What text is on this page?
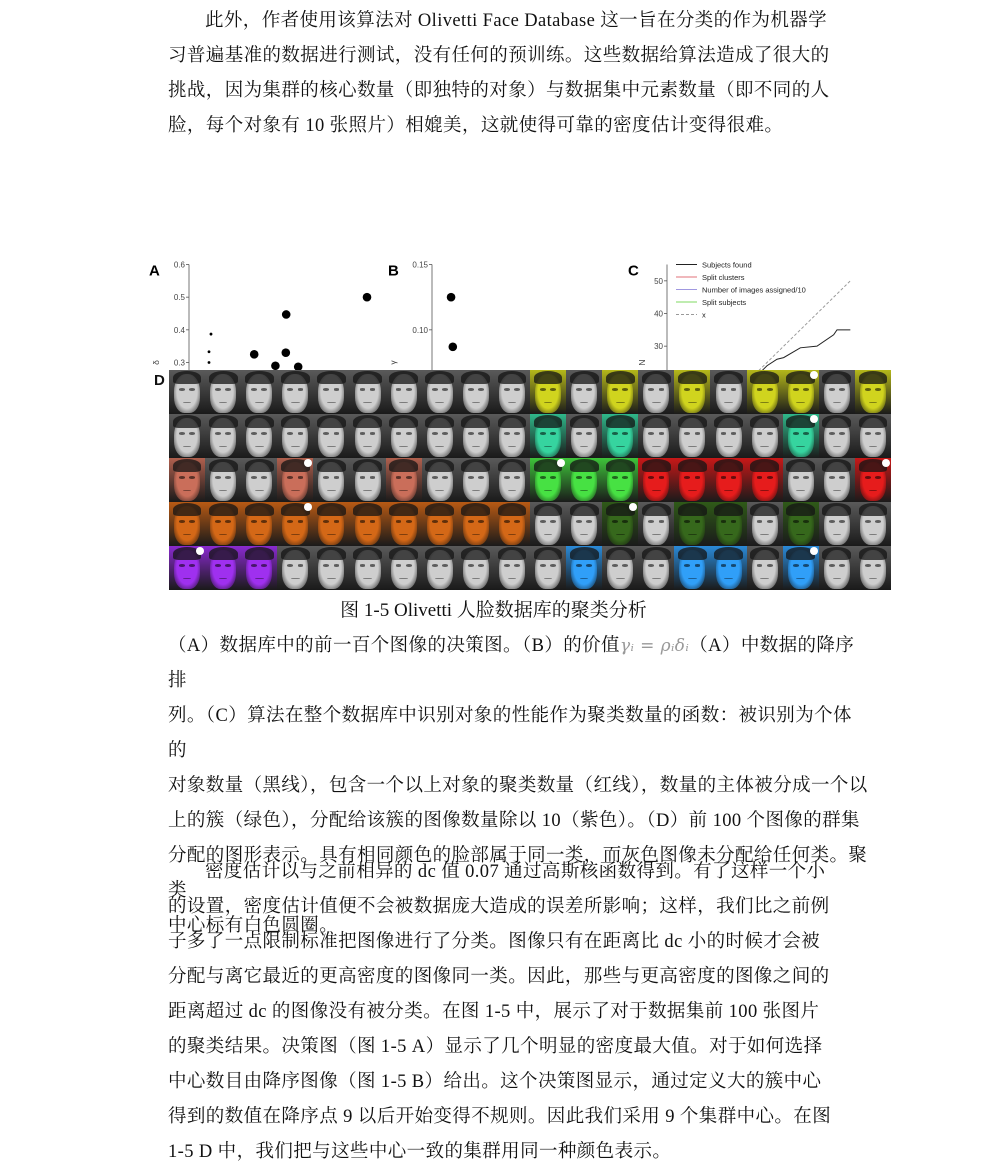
此外，作者使用该算法对 Olivetti Face Database 这一旨在分类的作为机器学

习普遍基准的数据进行测试，没有任何的预训练。这些数据给算法造成了很大的

挑战，因为集群的核心数量（即独特的对象）与数据集中元素数量（即不同的人

脸，每个对象有 10 张照片）相媲美，这就使得可靠的密度估计变得很难。

A
0.3
0.4
0.5
0.6
δ
B
0.10
0.15
γ
C
30
40
50
N
Subjects found
Split clusters
Number of images assigned/10
Split subjects
x
D
图 1-5 Olivetti 人脸数据库的聚类分析

（A）数据库中的前一百个图像的决策图。（B）的价值γᵢ = ρᵢδᵢ（A）中数据的降序排

列。（C）算法在整个数据库中识别对象的性能作为聚类数量的函数：被识别为个体的

对象数量（黑线），包含一个以上对象的聚类数量（红线），数量的主体被分成一个以

上的簇（绿色），分配给该簇的图像数量除以 10（紫色）。（D）前 100 个图像的群集

分配的图形表示。具有相同颜色的脸部属于同一类，而灰色图像未分配给任何类。聚类

中心标有白色圆圈。

密度估计以与之前相异的 dc 值 0.07 通过高斯核函数得到。有了这样一个小

的设置，密度估计值便不会被数据庞大造成的误差所影响；这样，我们比之前例

子多了一点限制标准把图像进行了分类。图像只有在距离比 dc 小的时候才会被

分配与离它最近的更高密度的图像同一类。因此，那些与更高密度的图像之间的

距离超过 dc 的图像没有被分类。在图 1-5 中，展示了对于数据集前 100 张图片

的聚类结果。决策图（图 1-5 A）显示了几个明显的密度最大值。对于如何选择

中心数目由降序图像（图 1-5 B）给出。这个决策图显示，通过定义大的簇中心

得到的数值在降序点 9 以后开始变得不规则。因此我们采用 9 个集群中心。在图

1-5 D 中，我们把与这些中心一致的集群用同一种颜色表示。
